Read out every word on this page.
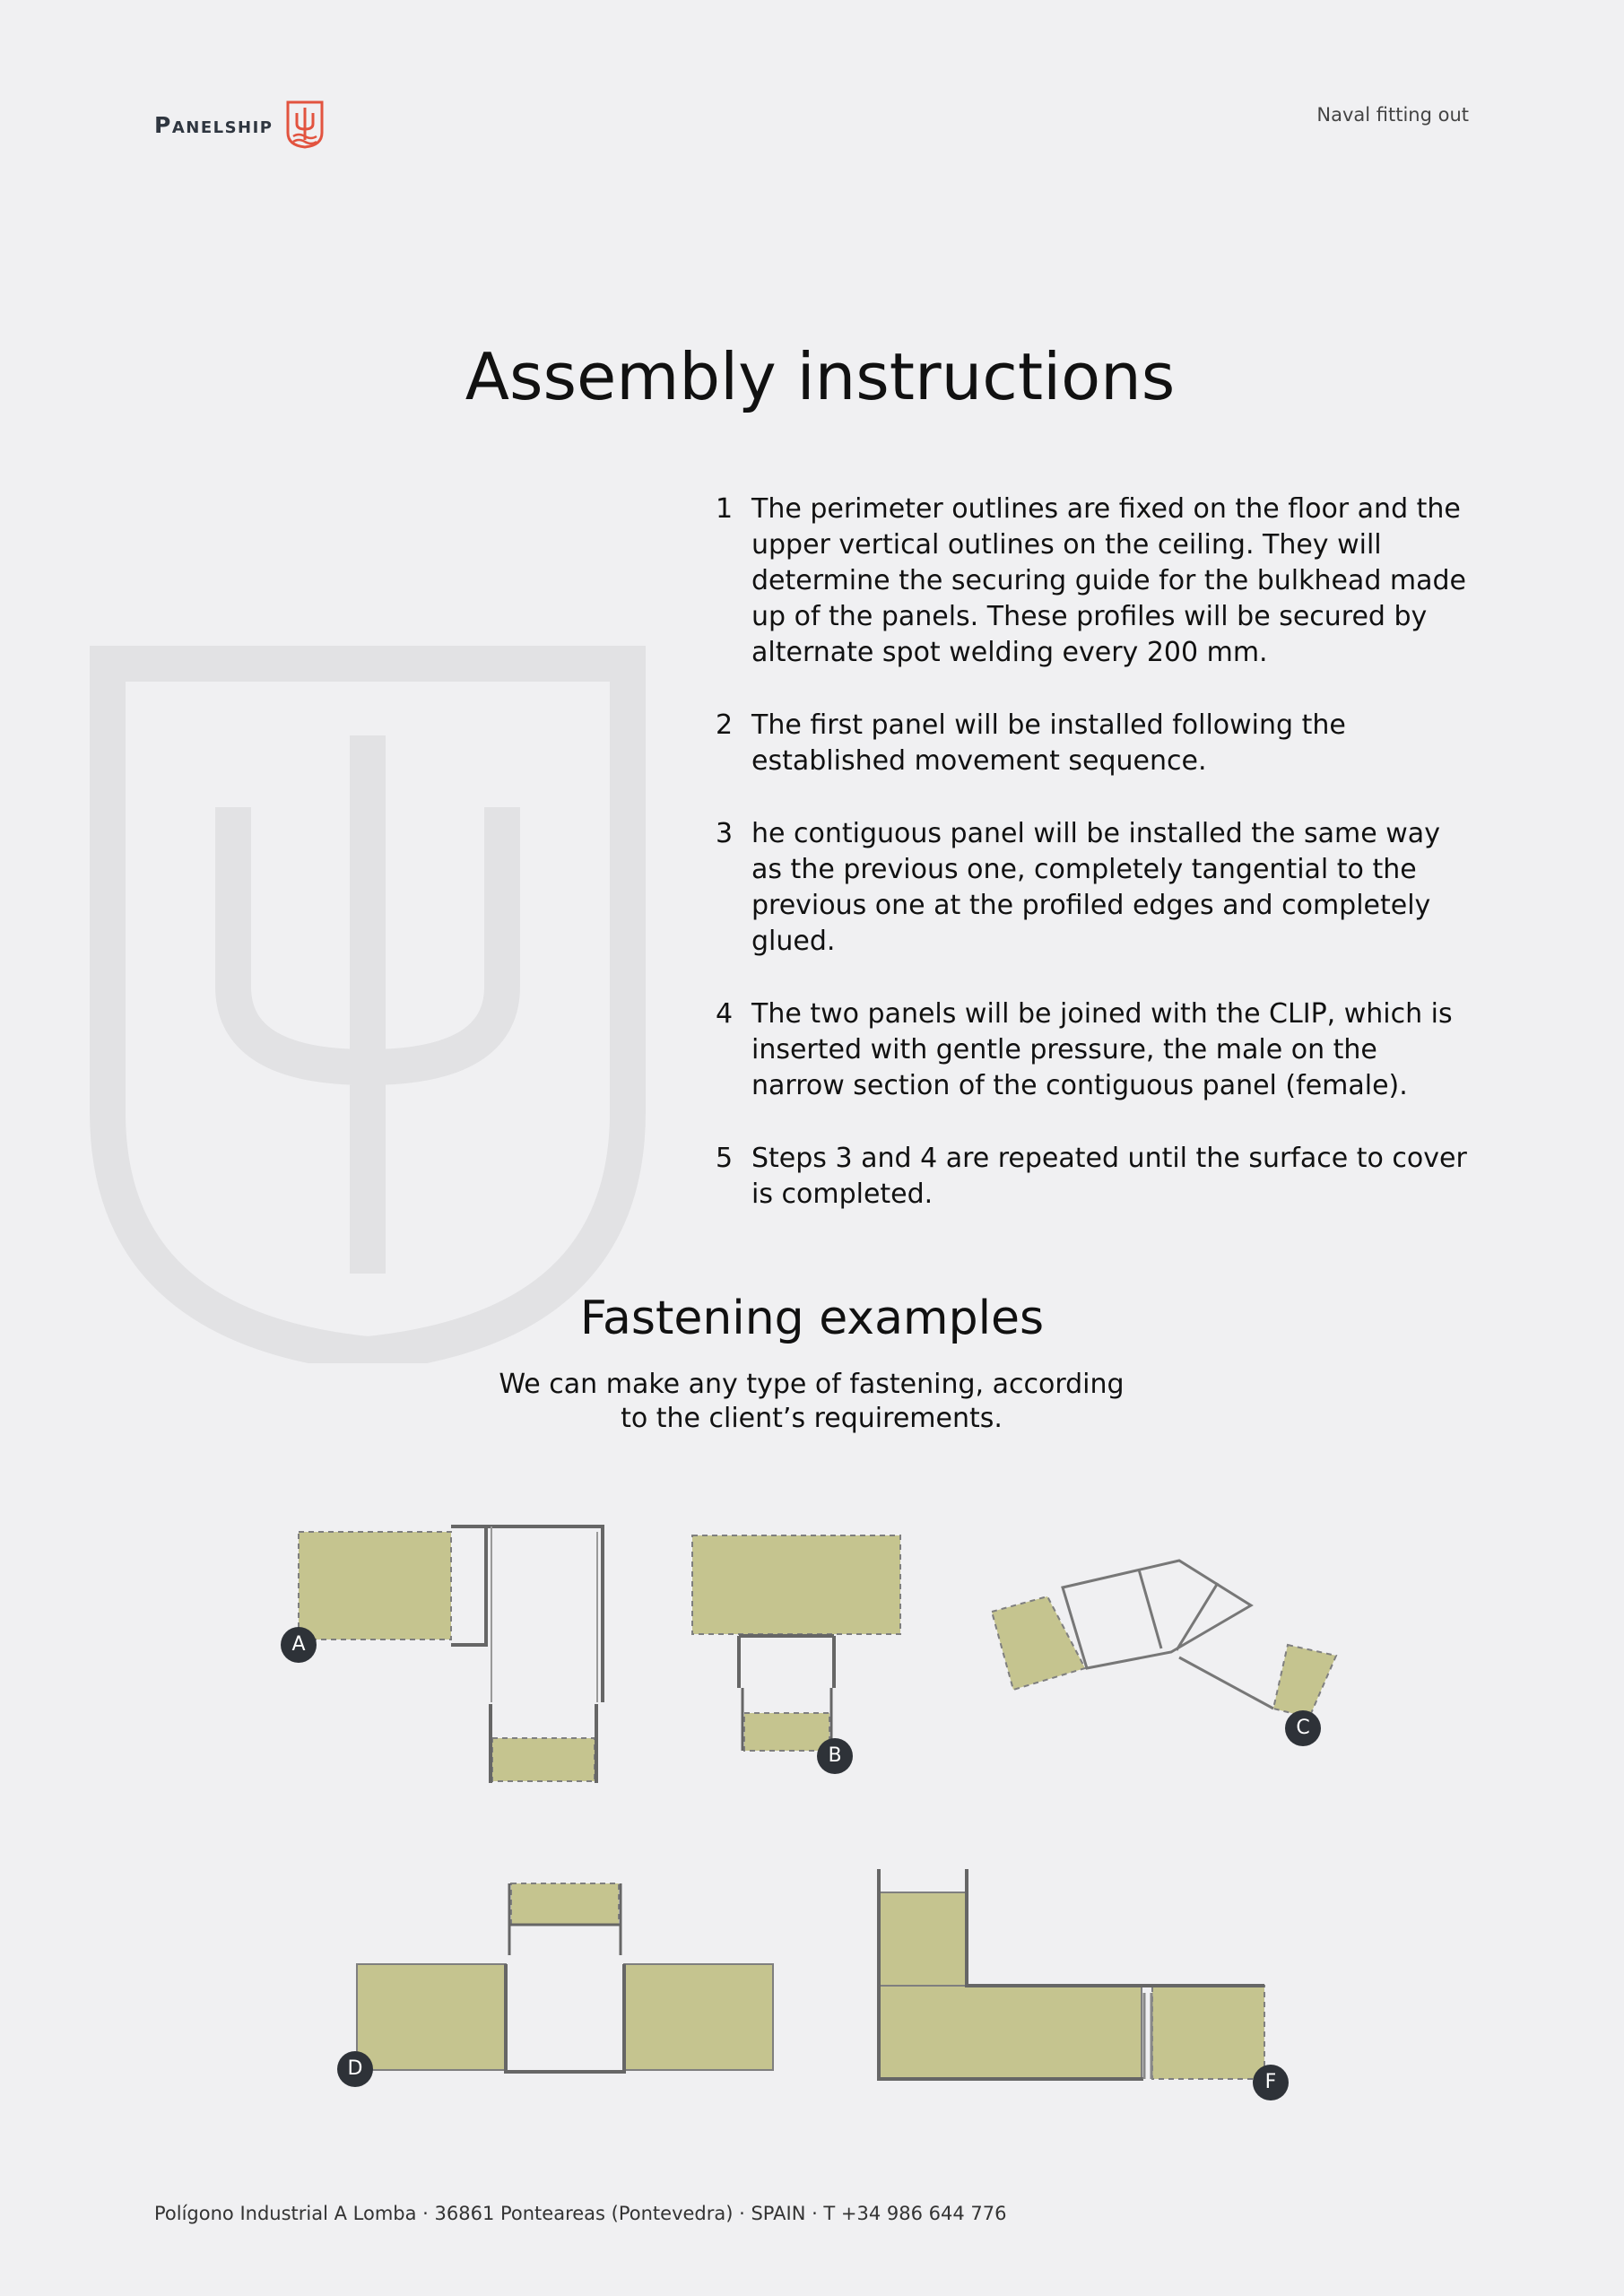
Panelship	Naval fitting out
Assembly instructions
1 The perimeter outlines are fixed on the floor and the upper vertical outlines on the ceiling. They will determine the securing guide for the bulkhead made up of the panels. These profiles will be secured by alternate spot welding every 200 mm.
2 The first panel will be installed following the established movement sequence.
3 he contiguous panel will be installed the same way as the previous one, completely tangential to the previous one at the profiled edges and completely glued.
4 The two panels will be joined with the CLIP, which is inserted with gentle pressure, the male on the narrow section of the contiguous panel (female).
5 Steps 3 and 4 are repeated until the surface to cover is completed.
Fastening examples

We can make any type of fastening, according to the client’s requirements.

A
B
C
D
F
Polígono Industrial A Lomba · 36861 Ponteareas (Pontevedra) · SPAIN · T +34 986 644 776
